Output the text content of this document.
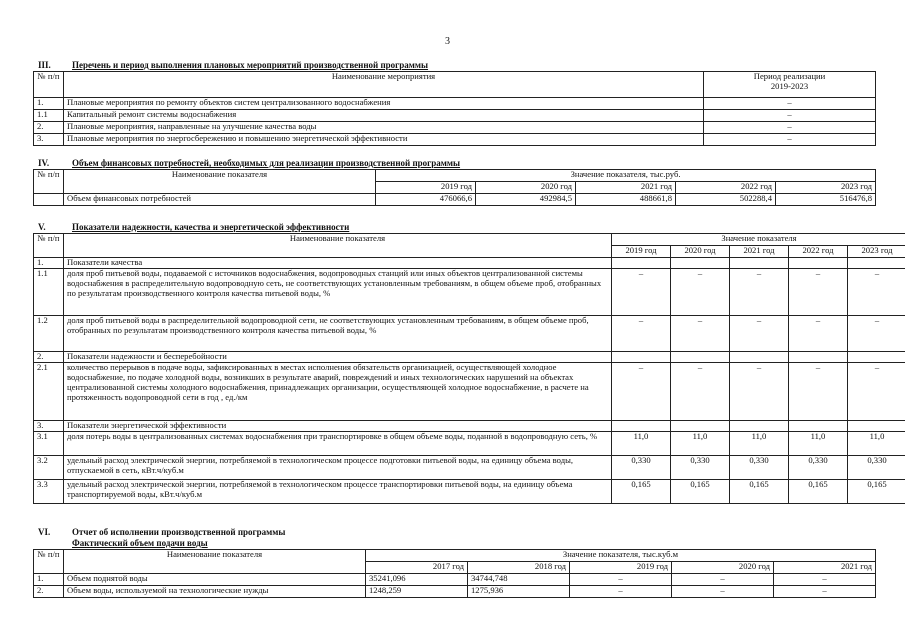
3
III. Перечень и период выполнения плановых мероприятий производственной программы
№ п/п	Наименование мероприятия	Период реализации
2019-2023

1.	Плановые мероприятия по ремонту объектов систем централизованного водоснабжения	–
1.1	Капитальный ремонт системы водоснабжения	–
2.	Плановые мероприятия, направленные на улучшение качества воды	–
3.	Плановые мероприятия по энергосбережению и повышению энергетической эффективности	–
IV.	Объем финансовых потребностей, необходимых для реализации производственной программы
№ п/п	Наименование показателя	Значение показателя, тыс.руб.				
		2019 год	2020 год	2021 год	2022 год	2023 год
	Объем финансовых потребностей	476066,6	492984,5	488661,8	502288,4	516476,8
V.	Показатели надежности, качества и энергетической эффективности
№ п/п	Наименование показателя	Значение показателя				
		2019 год	2020 год	2021 год	2022 год	2023 год
1.	Показатели качества					
1.1	доля проб питьевой воды, подаваемой с источников водоснабжения, водопроводных станций или иных объектов централизованной системы водоснабжения в распределительную водопроводную сеть, не соответствующих установленным требованиям, в общем объеме проб, отобранных по результатам производственного контроля качества питьевой воды, %	–	–	–	–	–
1.2	доля проб питьевой воды в распределительной водопроводной сети, не соответствующих установленным требованиям, в общем объеме проб, отобранных по результатам производственного контроля качества питьевой воды, %	–	–	–	–	–
2.	Показатели надежности и бесперебойности					
2.1	количество перерывов в подаче воды, зафиксированных в местах исполнения обязательств организацией, осуществляющей холодное водоснабжение, по подаче холодной воды, возникших в результате аварий, повреждений и иных технологических нарушений на объектах централизованной системы холодного водоснабжения, принадлежащих организации, осуществляющей холодное водоснабжение, в расчете на протяженность водопроводной сети в год , ед./км	–	–	–	–	–
3.	Показатели энергетической эффективности					
3.1	доля потерь воды в централизованных системах водоснабжения при транспортировке в общем объеме воды, поданной в водопроводную сеть, %	11,0	11,0	11,0	11,0	11,0
3.2	удельный расход электрической энергии, потребляемой в технологическом процессе подготовки питьевой воды, на единицу объема воды, отпускаемой в сеть, кВт.ч/куб.м	0,330	0,330	0,330	0,330	0,330
3.3	удельный расход электрической энергии, потребляемой в технологическом процессе транспортировки питьевой воды, на единицу объема транспортируемой воды, кВт.ч/куб.м	0,165	0,165	0,165	0,165	0,165
VI. Отчет об исполнении производственной программы
Фактический объем подачи воды
№ п/п	Наименование показателя	Значение показателя, тыс.куб.м				
		2017 год	2018 год	2019 год	2020 год	2021 год
1.	Объем поднятой воды	35241,096	34744,748	–	–	–
2.	Объем воды, используемой на технологические нужды	1248,259	1275,936	–	–	–
